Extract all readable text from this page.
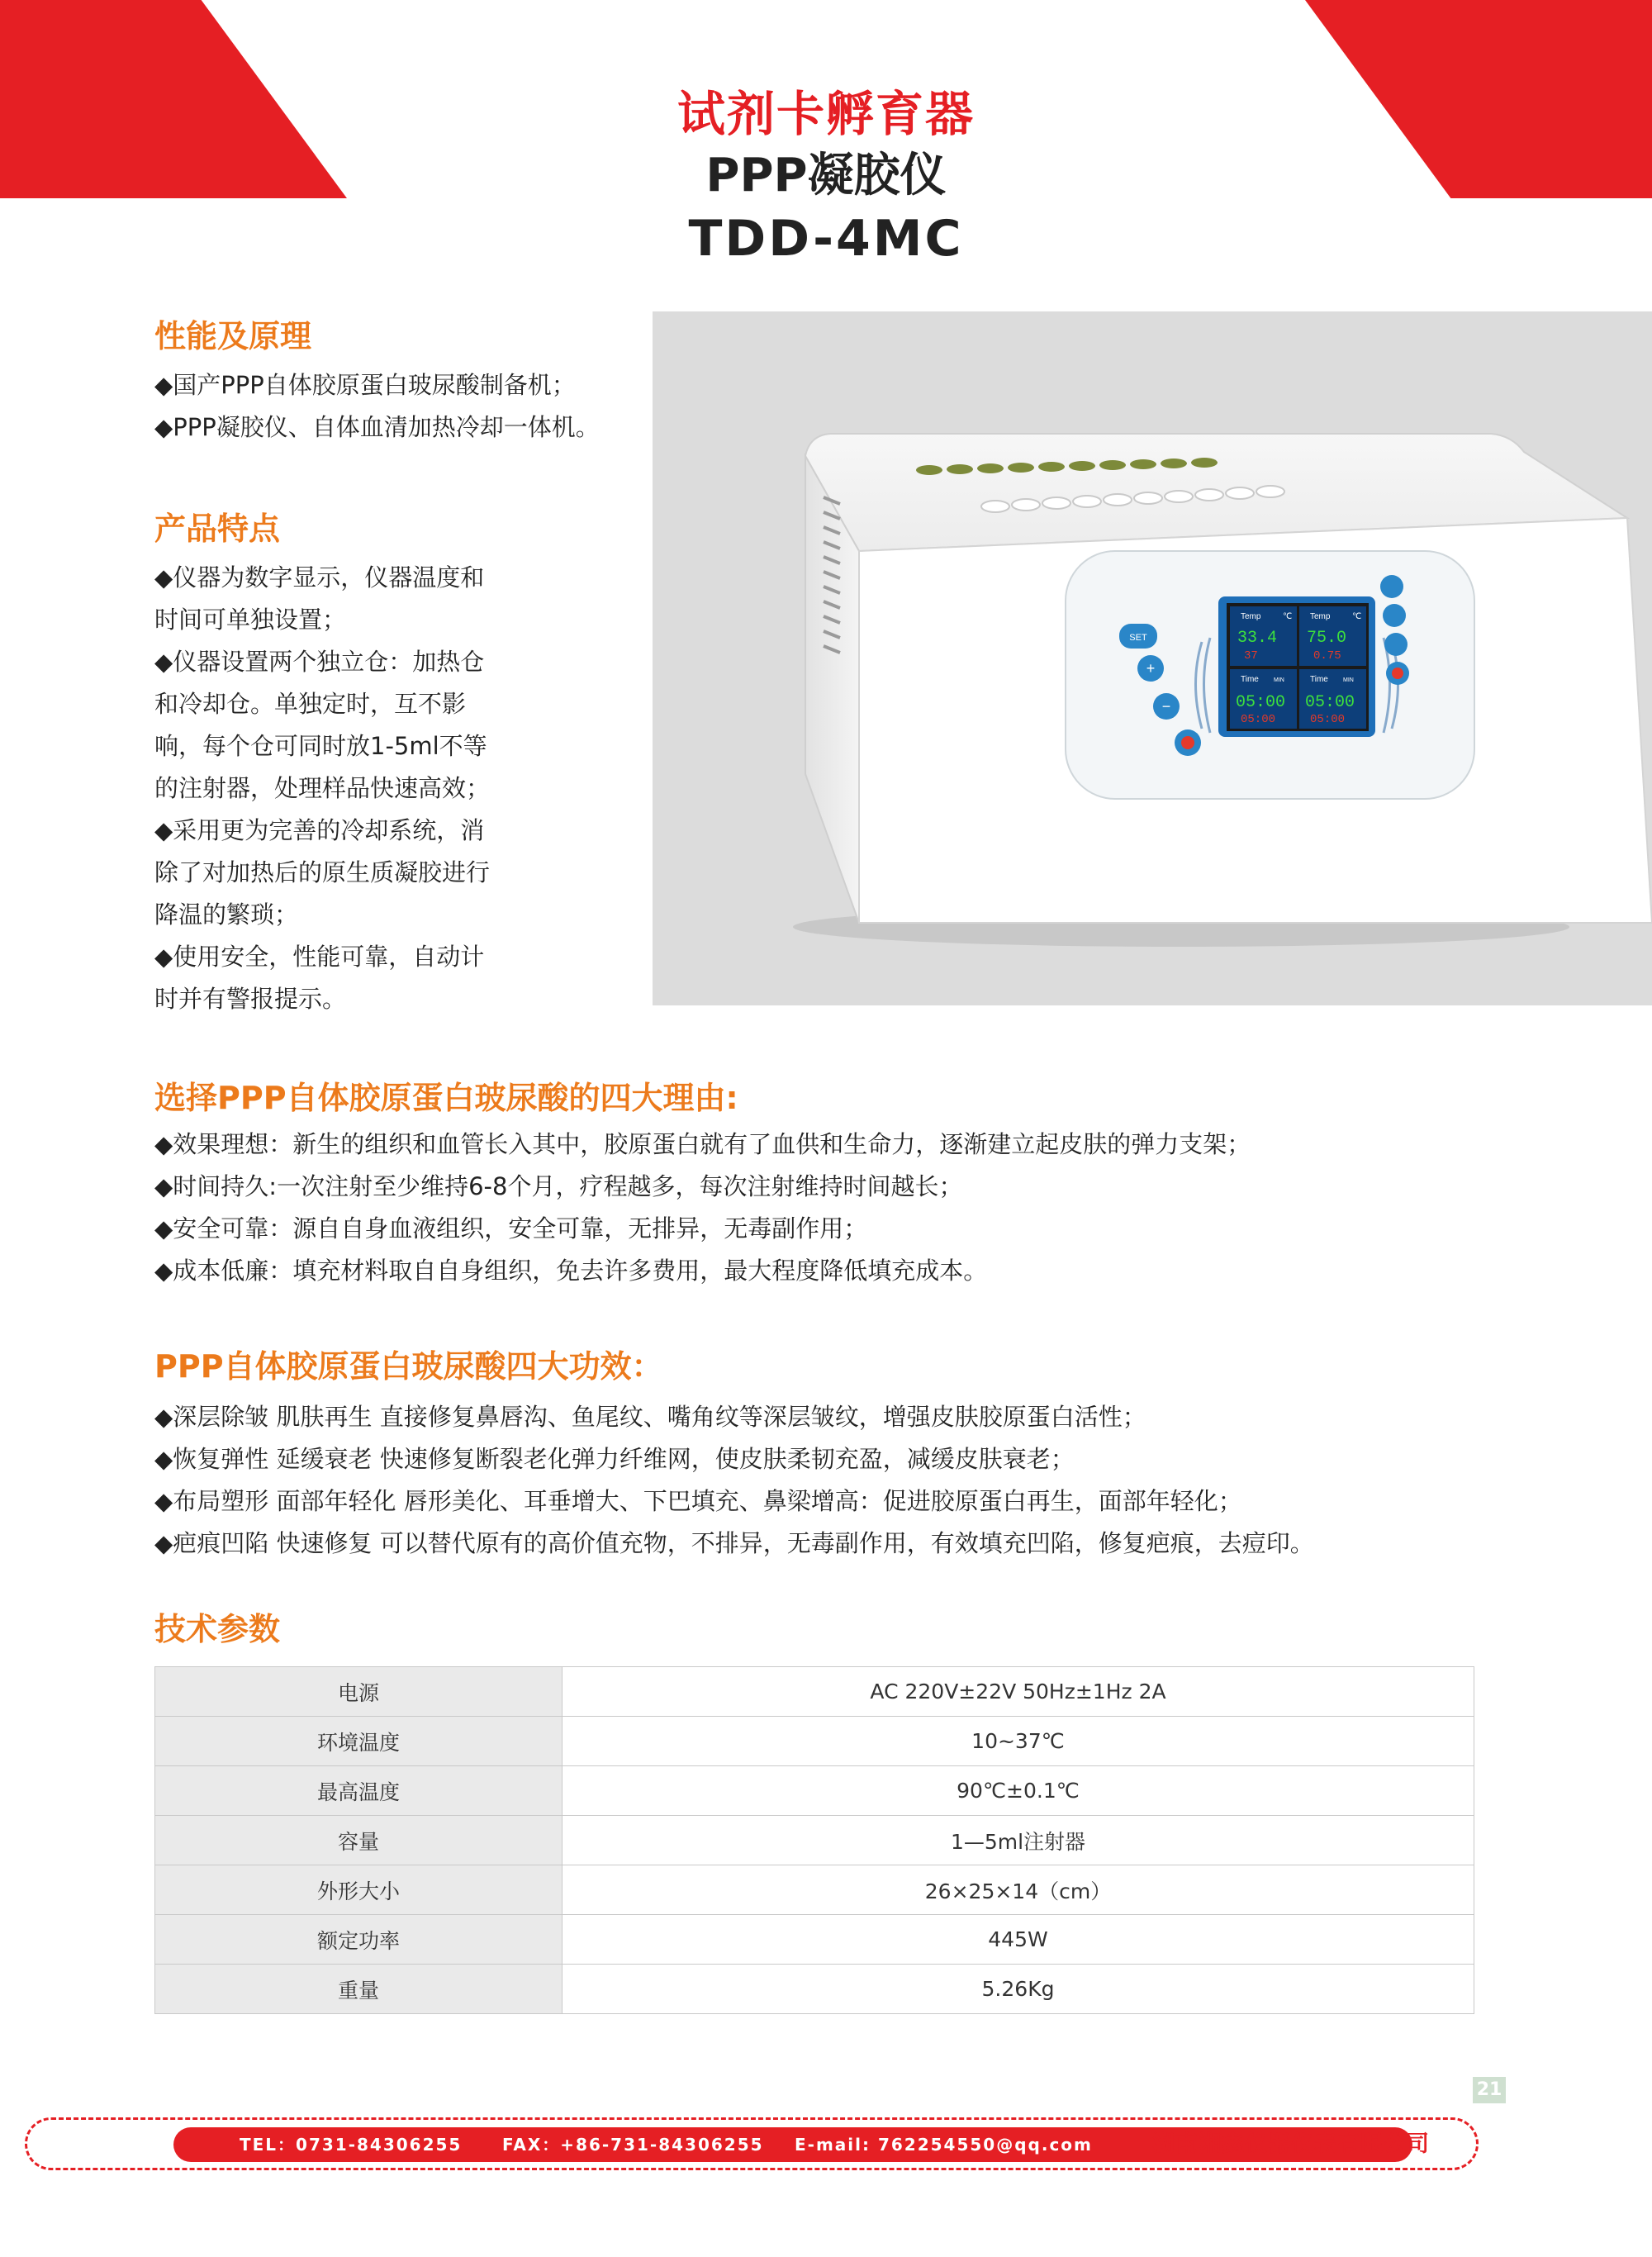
试剂卡孵育器
PPP凝胶仪
TDD-4MC
性能及原理
◆国产PPP自体胶原蛋白玻尿酸制备机；
◆PPP凝胶仪、自体血清加热冷却一体机。
产品特点
◆仪器为数字显示，仪器温度和
时间可单独设置；
◆仪器设置两个独立仓：加热仓
和冷却仓。单独定时，互不影
响，每个仓可同时放1-5ml不等
的注射器，处理样品快速高效；
◆采用更为完善的冷却系统，消
除了对加热后的原生质凝胶进行
降温的繁琐；
◆使用安全，性能可靠，自动计
时并有警报提示。
SET
+
−
Temp	℃ Temp	℃
Time	MIN	Time	MIN
33.4
37
75.0
0.75
05:00
05:00
05:00
05:00
选择PPP自体胶原蛋白玻尿酸的四大理由:
◆效果理想：新生的组织和血管长入其中，胶原蛋白就有了血供和生命力，逐渐建立起皮肤的弹力支架；
◆时间持久:一次注射至少维持6-8个月，疗程越多，每次注射维持时间越长；
◆安全可靠：源自自身血液组织，安全可靠，无排异，无毒副作用；
◆成本低廉：填充材料取自自身组织，免去许多费用，最大程度降低填充成本。
PPP自体胶原蛋白玻尿酸四大功效：
◆深层除皱 肌肤再生 直接修复鼻唇沟、鱼尾纹、嘴角纹等深层皱纹，增强皮肤胶原蛋白活性；
◆恢复弹性 延缓衰老 快速修复断裂老化弹力纤维网，使皮肤柔韧充盈，减缓皮肤衰老；
◆布局塑形 面部年轻化 唇形美化、耳垂增大、下巴填充、鼻梁增高：促进胶原蛋白再生，面部年轻化；
◆疤痕凹陷 快速修复 可以替代原有的高价值充物，不排异，无毒副作用，有效填充凹陷，修复疤痕，去痘印。
技术参数
电源	AC 220V±22V 50Hz±1Hz 2A
环境温度	10~37℃
最高温度	90℃±0.1℃
容量	1—5ml注射器
外形大小	26×25×14（cm）
额定功率	445W
重量	5.26Kg
21
TEL：0731-84306255 FAX：+86-731-84306255 E-mail: 762254550@qq.com	湖南湘鑫仪器仪表有限公司
